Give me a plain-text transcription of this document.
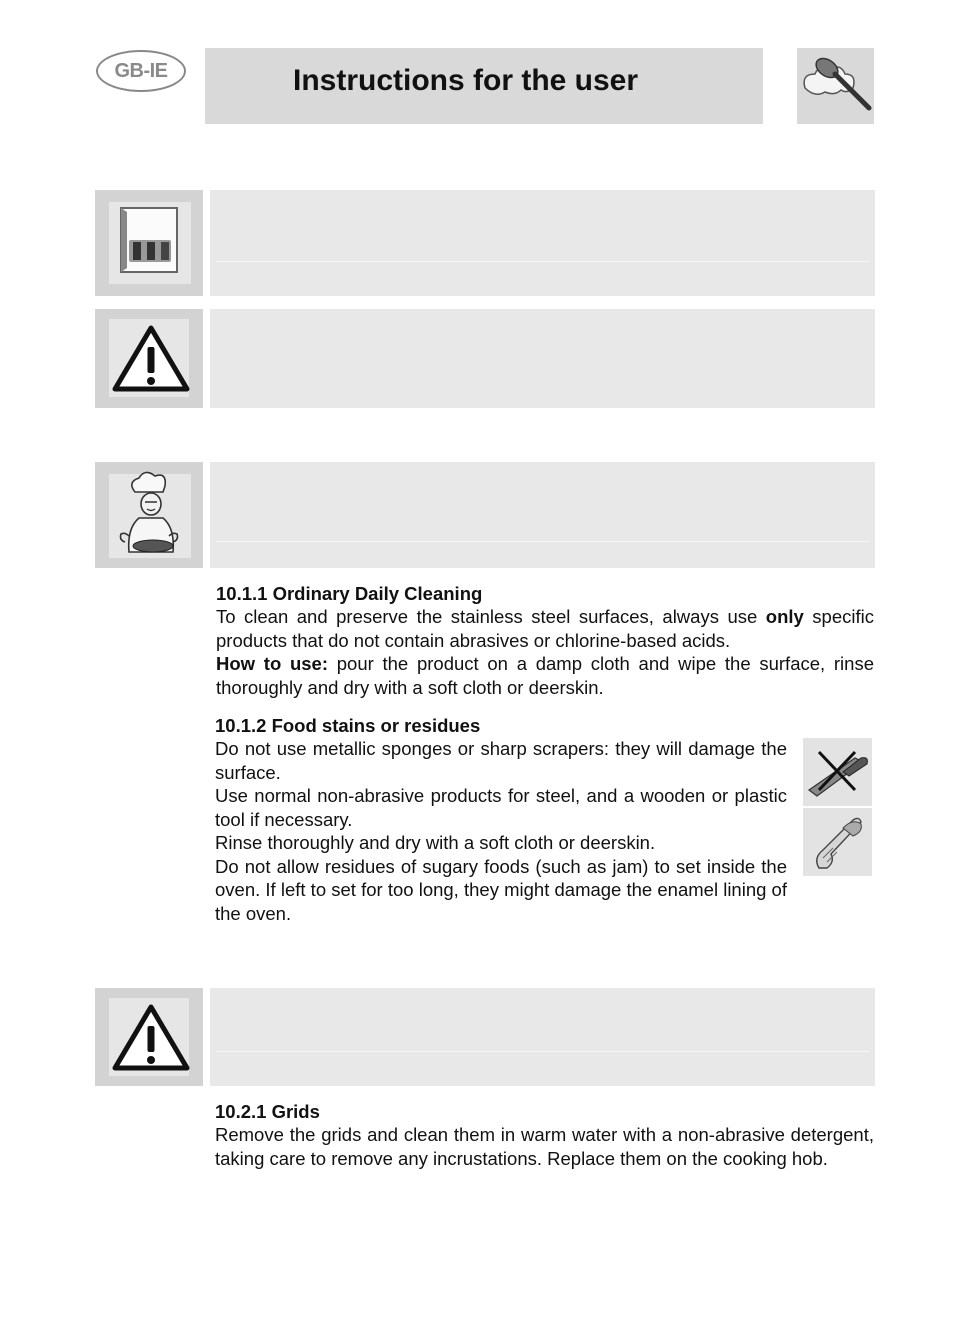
GB-IE	Instructions for the user
10.1.1 Ordinary Daily Cleaning

To clean and preserve the stainless steel surfaces, always use only specific products that do not contain abrasives or chlorine-based acids.

How to use: pour the product on a damp cloth and wipe the surface, rinse thoroughly and dry with a soft cloth or deerskin.

10.1.2 Food stains or residues

Do not use metallic sponges or sharp scrapers: they will damage the surface.

Use normal non-abrasive products for steel, and a wooden or plastic tool if necessary.

Rinse thoroughly and dry with a soft cloth or deerskin.

Do not allow residues of sugary foods (such as jam) to set inside the oven. If left to set for too long, they might damage the enamel lining of the oven.

10.2.1 Grids

Remove the grids and clean them in warm water with a non-abrasive detergent, taking care to remove any incrustations. Replace them on the cooking hob.
